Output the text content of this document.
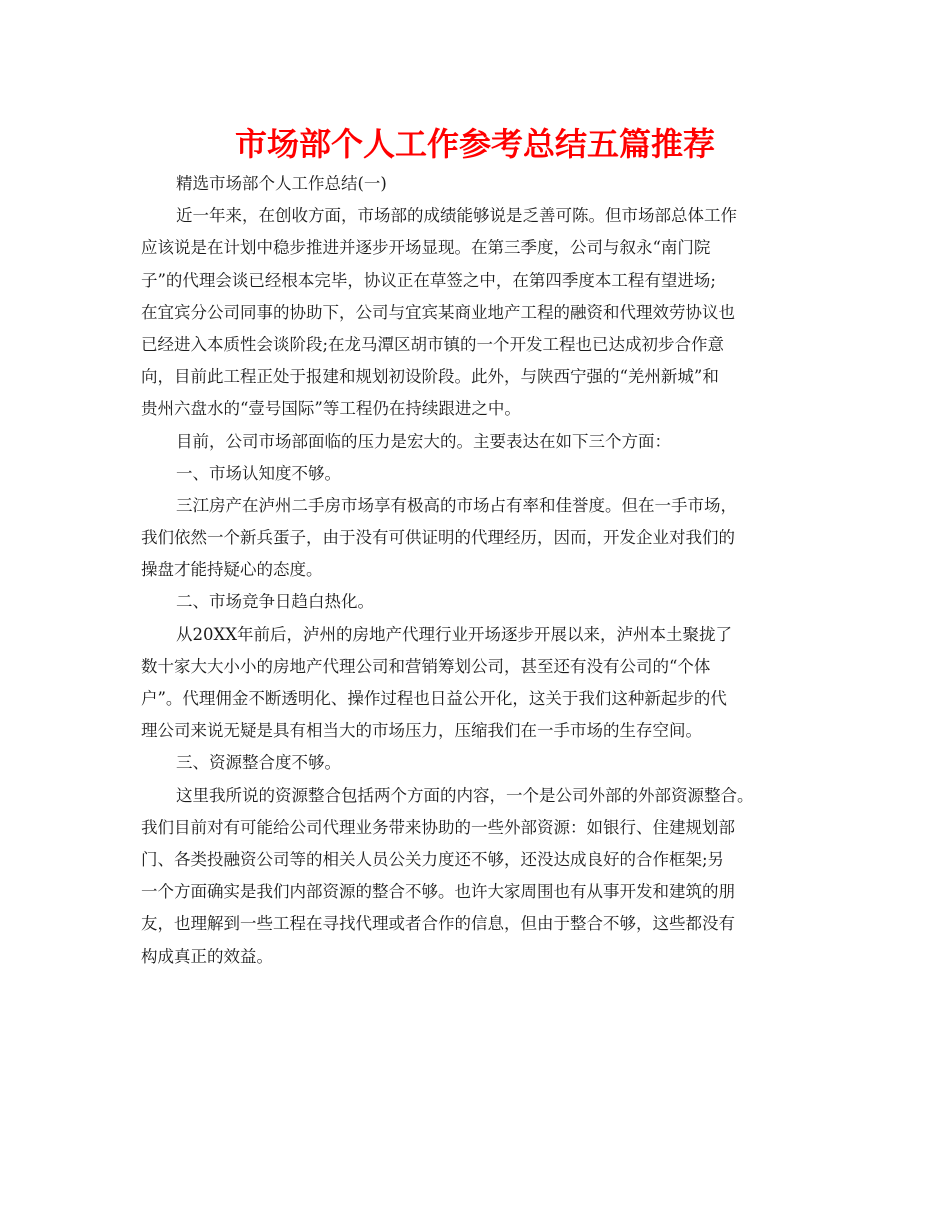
市场部个人工作参考总结五篇推荐
精选市场部个人工作总结(一)
近一年来，在创收方面，市场部的成绩能够说是乏善可陈。但市场部总体工作
应该说是在计划中稳步推进并逐步开场显现。在第三季度，公司与叙永“南门院
子”的代理会谈已经根本完毕，协议正在草签之中，在第四季度本工程有望进场;
在宜宾分公司同事的协助下，公司与宜宾某商业地产工程的融资和代理效劳协议也
已经进入本质性会谈阶段;在龙马潭区胡市镇的一个开发工程也已达成初步合作意
向，目前此工程正处于报建和规划初设阶段。此外，与陕西宁强的“羌州新城”和
贵州六盘水的“壹号国际”等工程仍在持续跟进之中。
目前，公司市场部面临的压力是宏大的。主要表达在如下三个方面：
一、市场认知度不够。
三江房产在泸州二手房市场享有极高的市场占有率和佳誉度。但在一手市场，
我们依然一个新兵蛋子，由于没有可供证明的代理经历，因而，开发企业对我们的
操盘才能持疑心的态度。
二、市场竞争日趋白热化。
从20XX年前后，泸州的房地产代理行业开场逐步开展以来，泸州本土聚拢了
数十家大大小小的房地产代理公司和营销筹划公司，甚至还有没有公司的“个体
户”。代理佣金不断透明化、操作过程也日益公开化，这关于我们这种新起步的代
理公司来说无疑是具有相当大的市场压力，压缩我们在一手市场的生存空间。
三、资源整合度不够。
这里我所说的资源整合包括两个方面的内容，一个是公司外部的外部资源整合。
我们目前对有可能给公司代理业务带来协助的一些外部资源：如银行、住建规划部
门、各类投融资公司等的相关人员公关力度还不够，还没达成良好的合作框架;另
一个方面确实是我们内部资源的整合不够。也许大家周围也有从事开发和建筑的朋
友，也理解到一些工程在寻找代理或者合作的信息，但由于整合不够，这些都没有
构成真正的效益。
